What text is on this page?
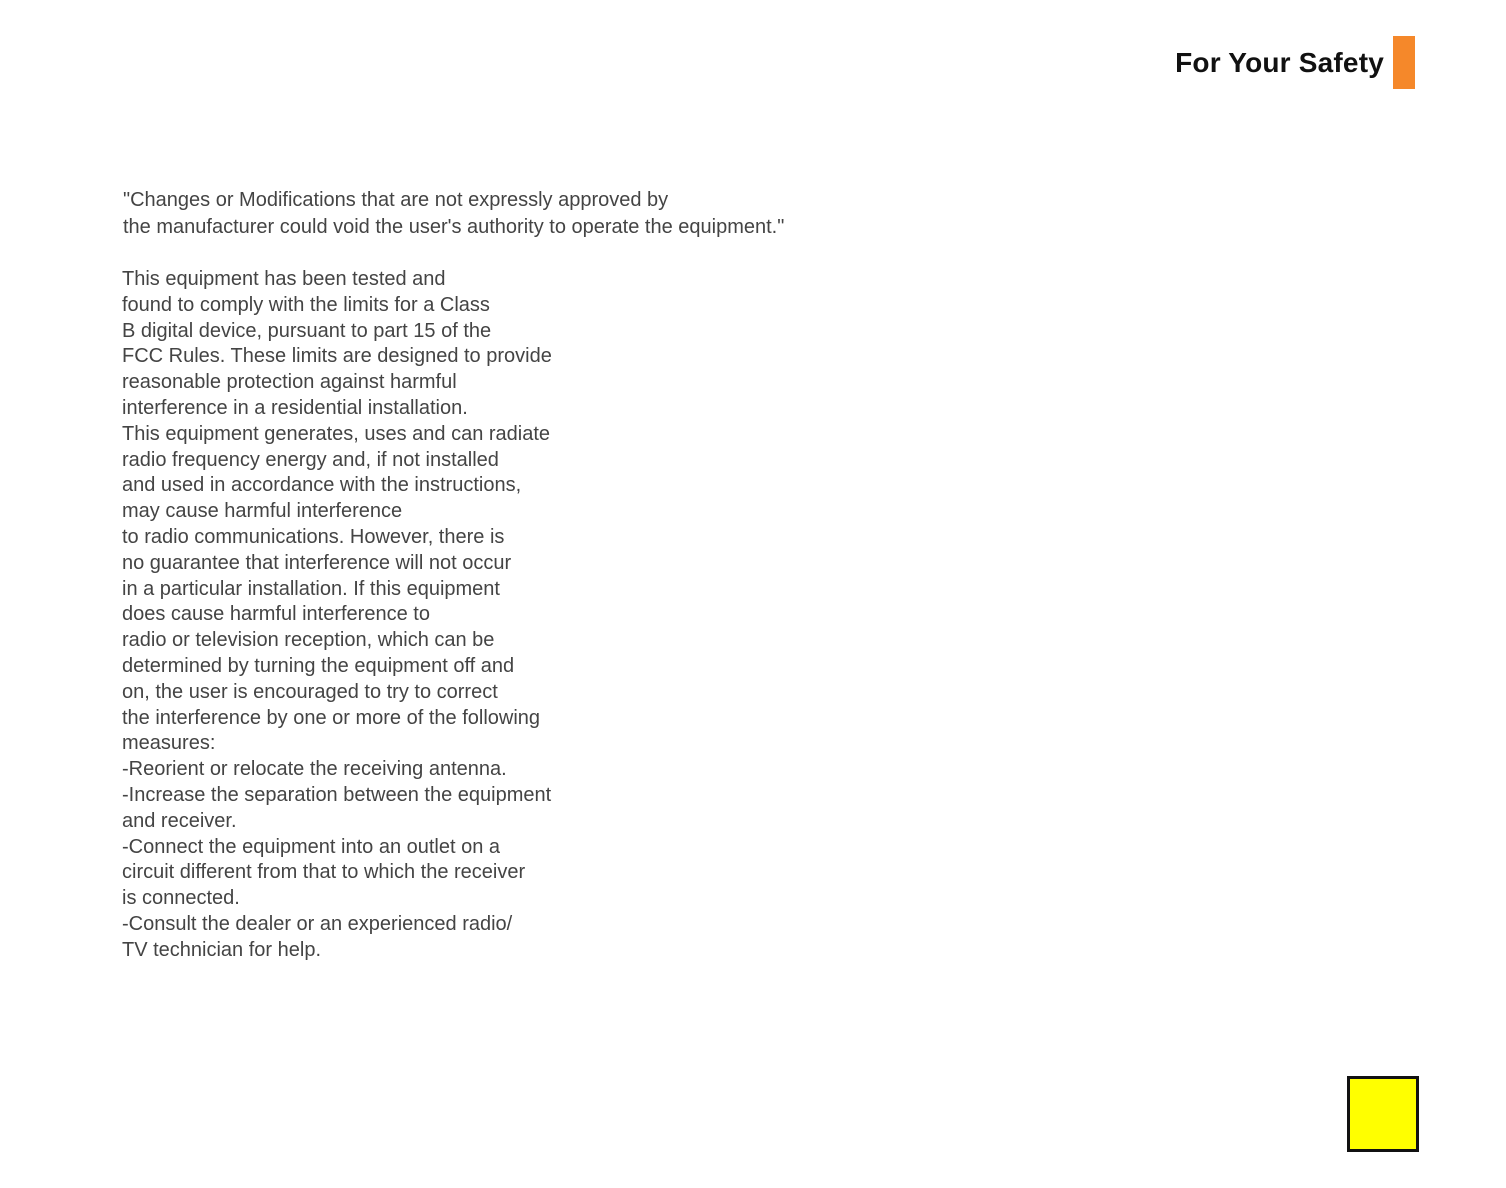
For Your Safety

"Changes or Modifications that are not expressly approved by
the manufacturer could void the user's authority to operate the equipment."

This equipment has been tested and
found to comply with the limits for a Class
B digital device, pursuant to part 15 of the
FCC Rules. These limits are designed to provide
reasonable protection against harmful
interference in a residential installation.
This equipment generates, uses and can radiate
radio frequency energy and, if not installed
and used in accordance with the instructions,
may cause harmful interference
to radio communications. However, there is
no guarantee that interference will not occur
in a particular installation. If this equipment
does cause harmful interference to
radio or television reception, which can be
determined by turning the equipment off and
on, the user is encouraged to try to correct
the interference by one or more of the following
measures:
-Reorient or relocate the receiving antenna.
-Increase the separation between the equipment
and receiver.
-Connect the equipment into an outlet on a
circuit different from that to which the receiver
is connected.
-Consult the dealer or an experienced radio/
TV technician for help.
